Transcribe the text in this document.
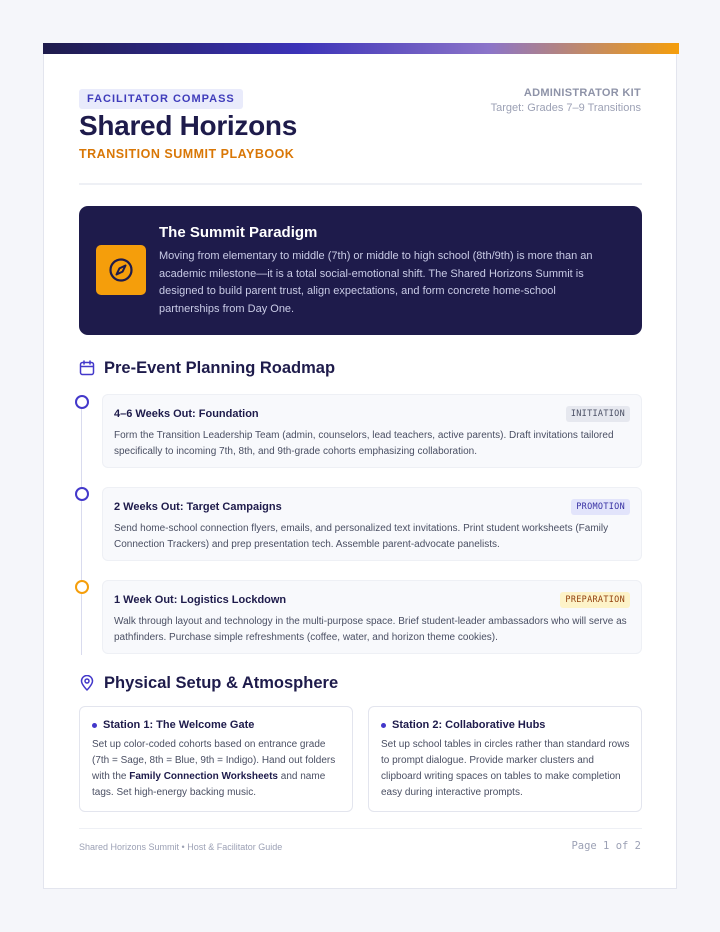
FACILITATOR COMPASS
Shared Horizons
TRANSITION SUMMIT PLAYBOOK
ADMINISTRATOR KIT
Target: Grades 7–9 Transitions
The Summit Paradigm
Moving from elementary to middle (7th) or middle to high school (8th/9th) is more than an academic milestone—it is a total social-emotional shift. The Shared Horizons Summit is designed to build parent trust, align expectations, and form concrete home-school partnerships from Day One.
Pre-Event Planning Roadmap
4–6 Weeks Out: Foundation	INITIATION
Form the Transition Leadership Team (admin, counselors, lead teachers, active parents). Draft invitations tailored specifically to incoming 7th, 8th, and 9th-grade cohorts emphasizing collaboration.
2 Weeks Out: Target Campaigns	PROMOTION
Send home-school connection flyers, emails, and personalized text invitations. Print student worksheets (Family Connection Trackers) and prep presentation tech. Assemble parent-advocate panelists.
1 Week Out: Logistics Lockdown	PREPARATION
Walk through layout and technology in the multi-purpose space. Brief student-leader ambassadors who will serve as pathfinders. Purchase simple refreshments (coffee, water, and horizon theme cookies).
Physical Setup & Atmosphere
Station 1: The Welcome Gate
Set up color-coded cohorts based on entrance grade (7th = Sage, 8th = Blue, 9th = Indigo). Hand out folders with the Family Connection Worksheets and name tags. Set high-energy backing music.
Station 2: Collaborative Hubs
Set up school tables in circles rather than standard rows to prompt dialogue. Provide marker clusters and clipboard writing spaces on tables to make completion easy during interactive prompts.
Shared Horizons Summit • Host & Facilitator Guide	Page 1 of 2
